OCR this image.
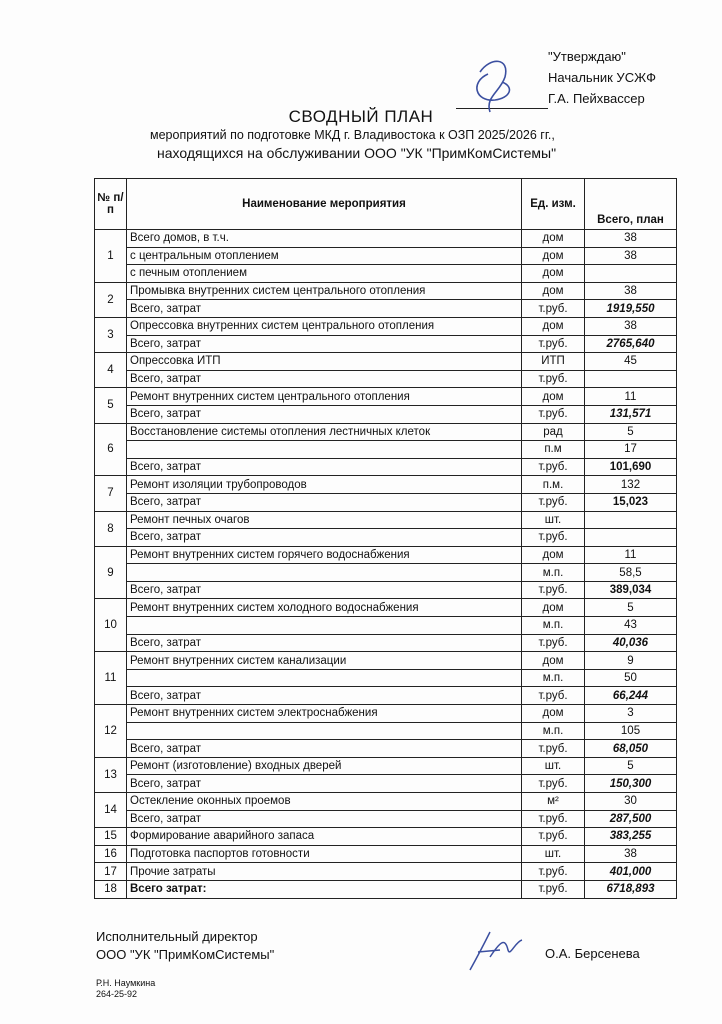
"Утверждаю"
Начальник УСЖФ
Г.А. Пейхвассер
СВОДНЫЙ ПЛАН
мероприятий по подготовке МКД г. Владивостока к ОЗП 2025/2026 гг.,
находящихся на обслуживании ООО "УК "ПримКомСистемы"
№ п/п	Наименование мероприятия	Ед. изм.	Всего, план
1	Всего домов, в т.ч.	дом	38
	с центральным отоплением	дом	38
	с печным отоплением	дом	
2	Промывка внутренних систем центрального отопления	дом	38
	Всего, затрат	т.руб.	1919,550
3	Опрессовка внутренних систем центрального отопления	дом	38
	Всего, затрат	т.руб.	2765,640
4	Опрессовка ИТП	ИТП	45
	Всего, затрат	т.руб.	
5	Ремонт внутренних систем центрального отопления	дом	11
	Всего, затрат	т.руб.	131,571
6	Восстановление системы отопления лестничных клеток	рад	5
		п.м	17
	Всего, затрат	т.руб.	101,690
7	Ремонт изоляции трубопроводов	п.м.	132
	Всего, затрат	т.руб.	15,023
8	Ремонт печных очагов	шт.	
	Всего, затрат	т.руб.	
9	Ремонт внутренних систем горячего водоснабжения	дом	11
		м.п.	58,5
	Всего, затрат	т.руб.	389,034
10	Ремонт внутренних систем холодного водоснабжения	дом	5
		м.п.	43
	Всего, затрат	т.руб.	40,036
11	Ремонт внутренних систем канализации	дом	9
		м.п.	50
	Всего, затрат	т.руб.	66,244
12	Ремонт внутренних систем электроснабжения	дом	3
		м.п.	105
	Всего, затрат	т.руб.	68,050
13	Ремонт (изготовление) входных дверей	шт.	5
	Всего, затрат	т.руб.	150,300
14	Остекление оконных проемов	м²	30
	Всего, затрат	т.руб.	287,500
15	Формирование аварийного запаса	т.руб.	383,255
16	Подготовка паспортов готовности	шт.	38
17	Прочие затраты	т.руб.	401,000
18	Всего затрат:	т.руб.	6718,893
Исполнительный директор
ООО "УК "ПримКомСистемы"	О.А. Берсенева
Р.Н. Наумкина
264-25-92
